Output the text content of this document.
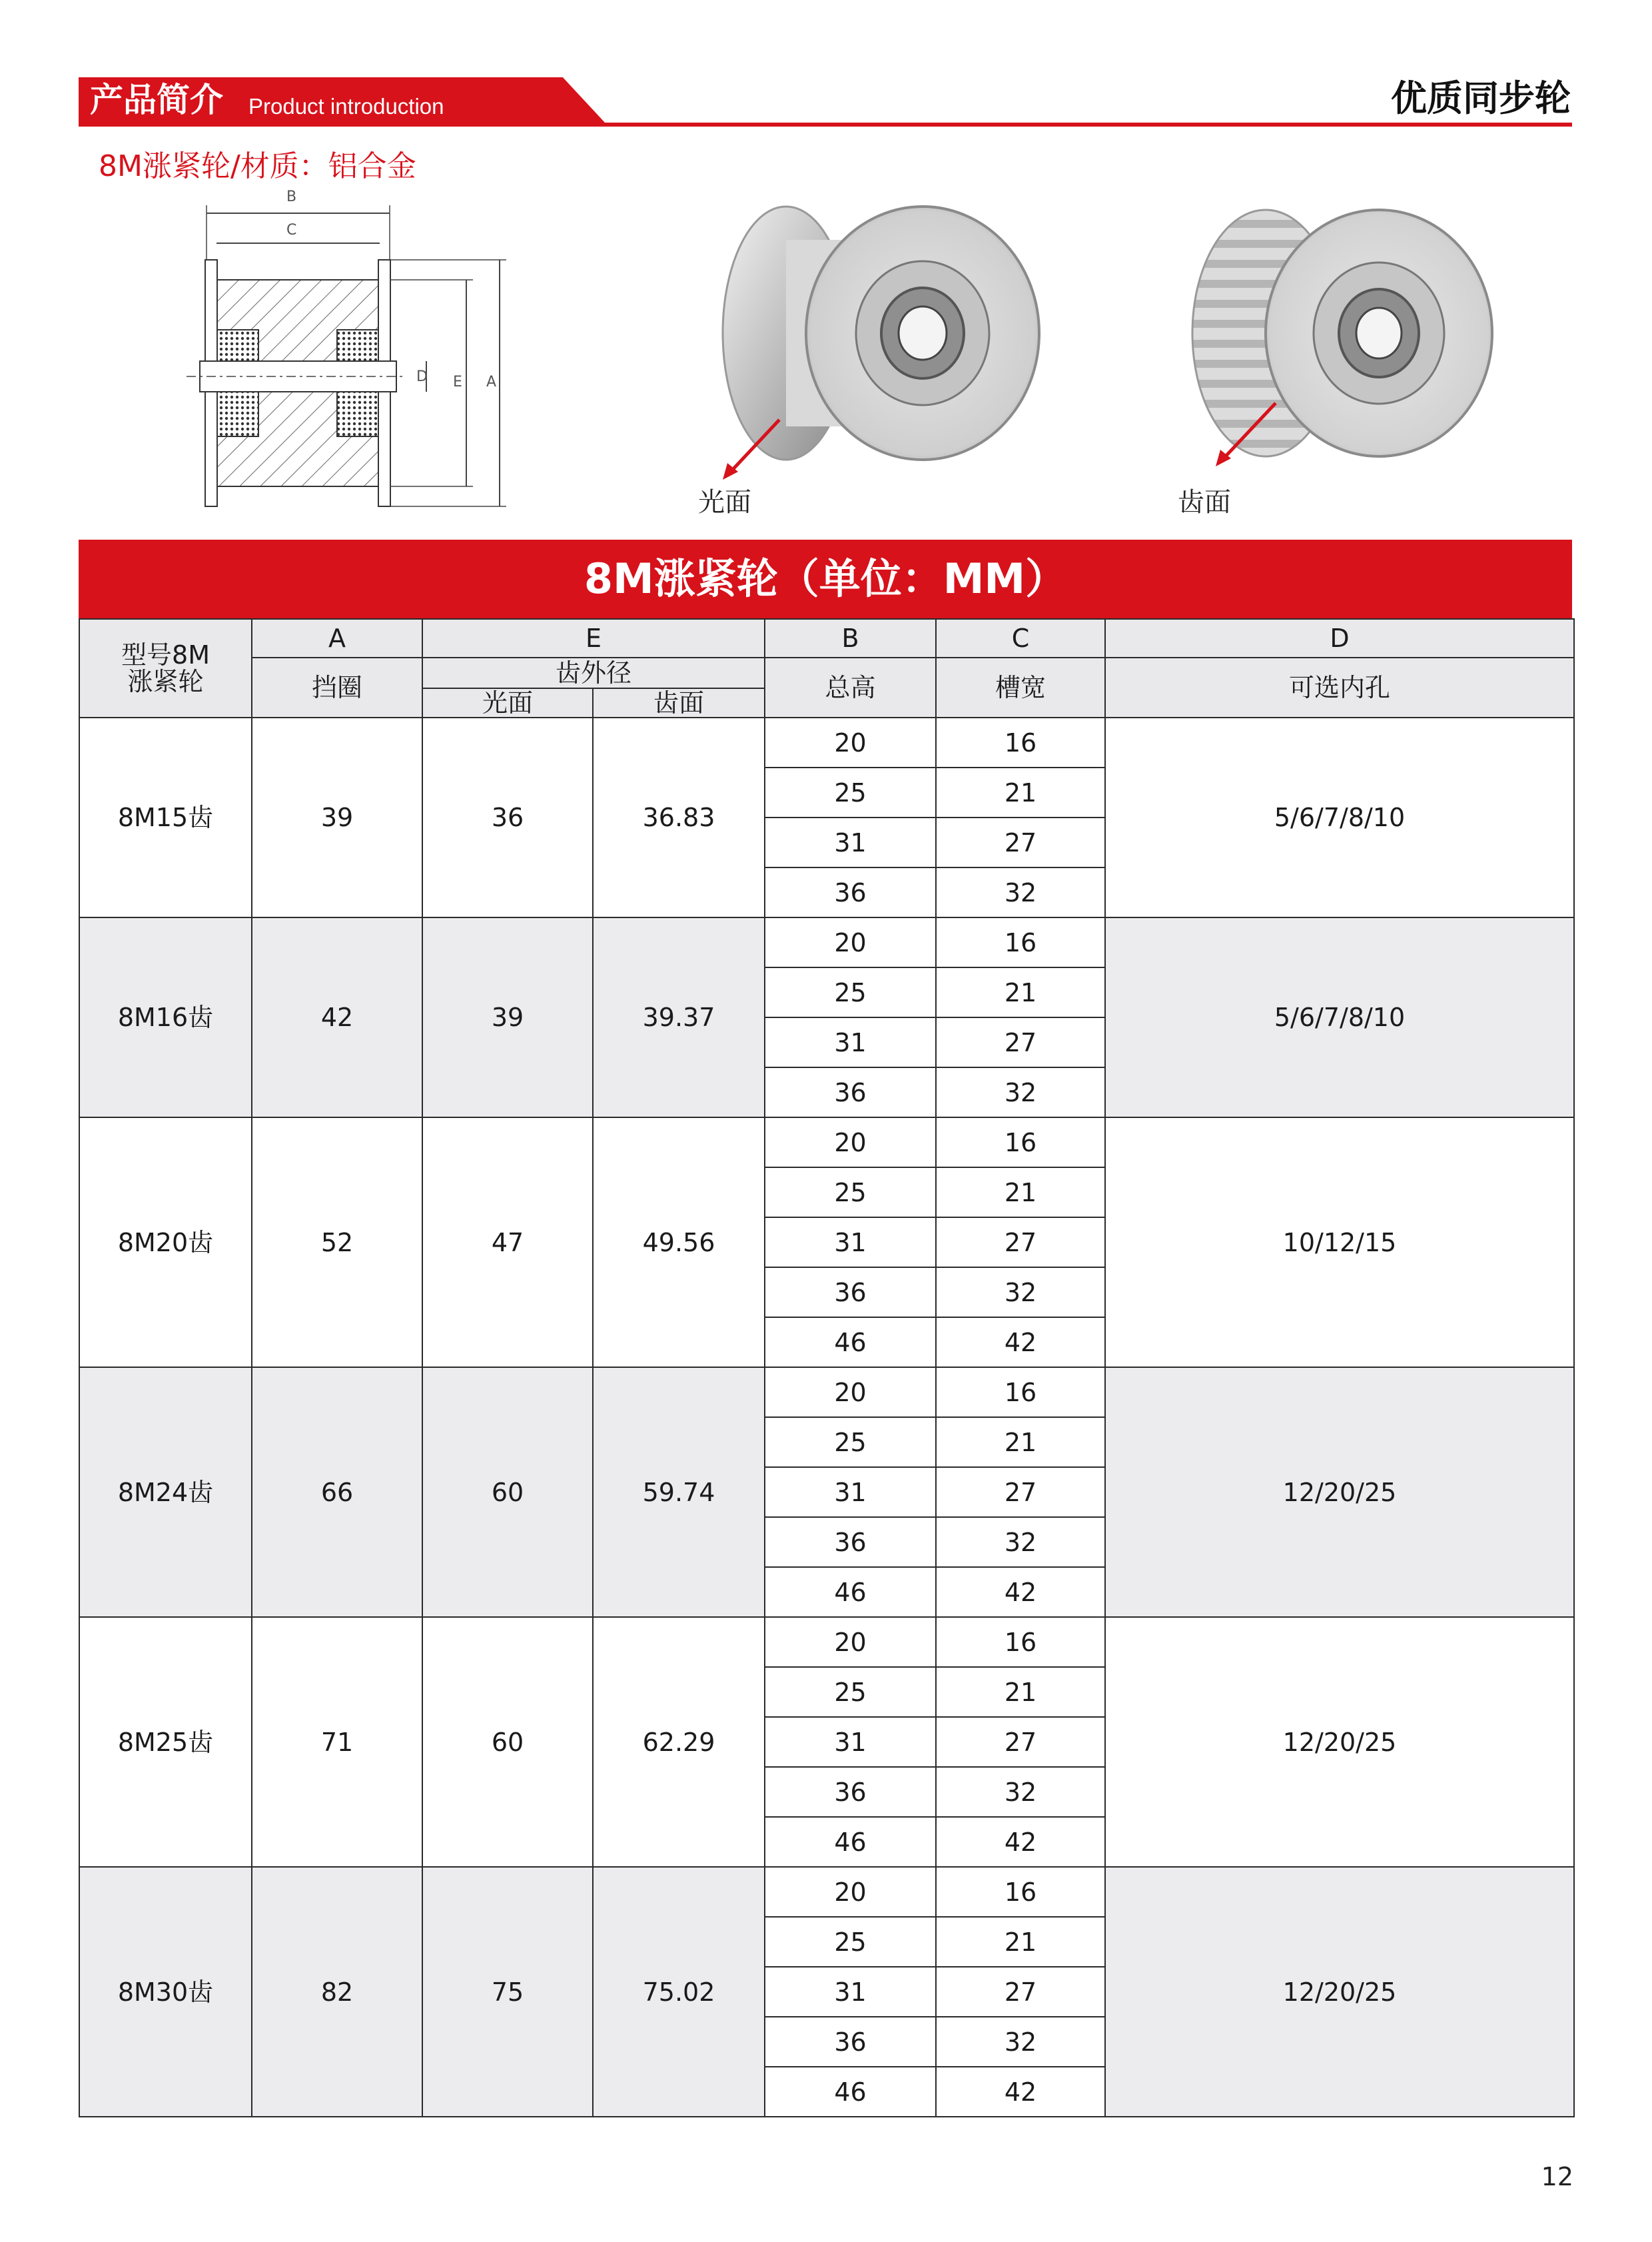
产品简介 Product introduction	优质同步轮
8M涨紧轮/材质：铝合金
B
C
D E A
光面	齿面
8M涨紧轮（单位：MM）
型号8M
涨紧轮	A	E		B	C	D
	挡圈	齿外径		总高	槽宽	可选内孔
		光面	齿面			
8M15齿	39	36	36.83	20	16	5/6/7/8/10
				25	21	
				31	27	
				36	32	
8M16齿	42	39	39.37	20	16	5/6/7/8/10
				25	21	
				31	27	
				36	32	
8M20齿	52	47	49.56	20	16	10/12/15
				25	21	
				31	27	
				36	32	
				46	42	
8M24齿	66	60	59.74	20	16	12/20/25
				25	21	
				31	27	
				36	32	
				46	42	
8M25齿	71	60	62.29	20	16	12/20/25
				25	21	
				31	27	
				36	32	
				46	42	
8M30齿	82	75	75.02	20	16	12/20/25
				25	21	
				31	27	
				36	32	
				46	42	
12
